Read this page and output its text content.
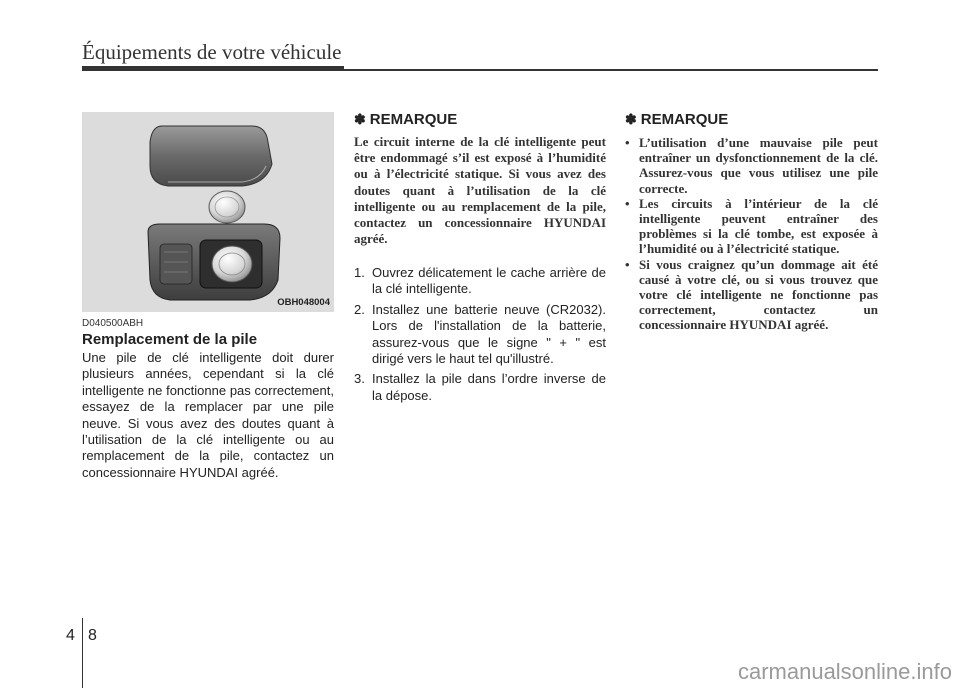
Équipements de votre véhicule
OBH048004
D040500ABH
Remplacement de la pile

Une pile de clé intelligente doit durer plusieurs années, cependant si la clé intelligente ne fonctionne pas correctement, essayez de la remplacer par une pile neuve. Si vous avez des doutes quant à l’utilisation de la clé intelligente ou au remplacement de la pile, contactez un concessionnaire HYUNDAI agréé.

✽ REMARQUE

Le circuit interne de la clé intelligente peut être endommagé s’il est exposé à l’humidité ou à l’électricité statique. Si vous avez des doutes quant à l’utilisation de la clé intelligente ou au remplacement de la pile, contactez un concessionnaire HYUNDAI agréé.

1. Ouvrez délicatement le cache arrière de la clé intelligente.
2. Installez une batterie neuve (CR2032). Lors de l'installation de la batterie, assurez-vous que le signe " + " est dirigé vers le haut tel qu'illustré.
3. Installez la pile dans l’ordre inverse de la dépose.
✽ REMARQUE
• L’utilisation d’une mauvaise pile peut entraîner un dysfonctionnement de la clé. Assurez-vous que vous utilisez une pile correcte.
• Les circuits à l’intérieur de la clé intelligente peuvent entraîner des problèmes si la clé tombe, est exposée à l’humidité ou à l’électricité statique.
• Si vous craignez qu’un dommage ait été causé à votre clé, ou si vous trouvez que votre clé intelligente ne fonctionne pas correctement, contactez un concessionnaire HYUNDAI agréé.
4 8
carmanualsonline.info
